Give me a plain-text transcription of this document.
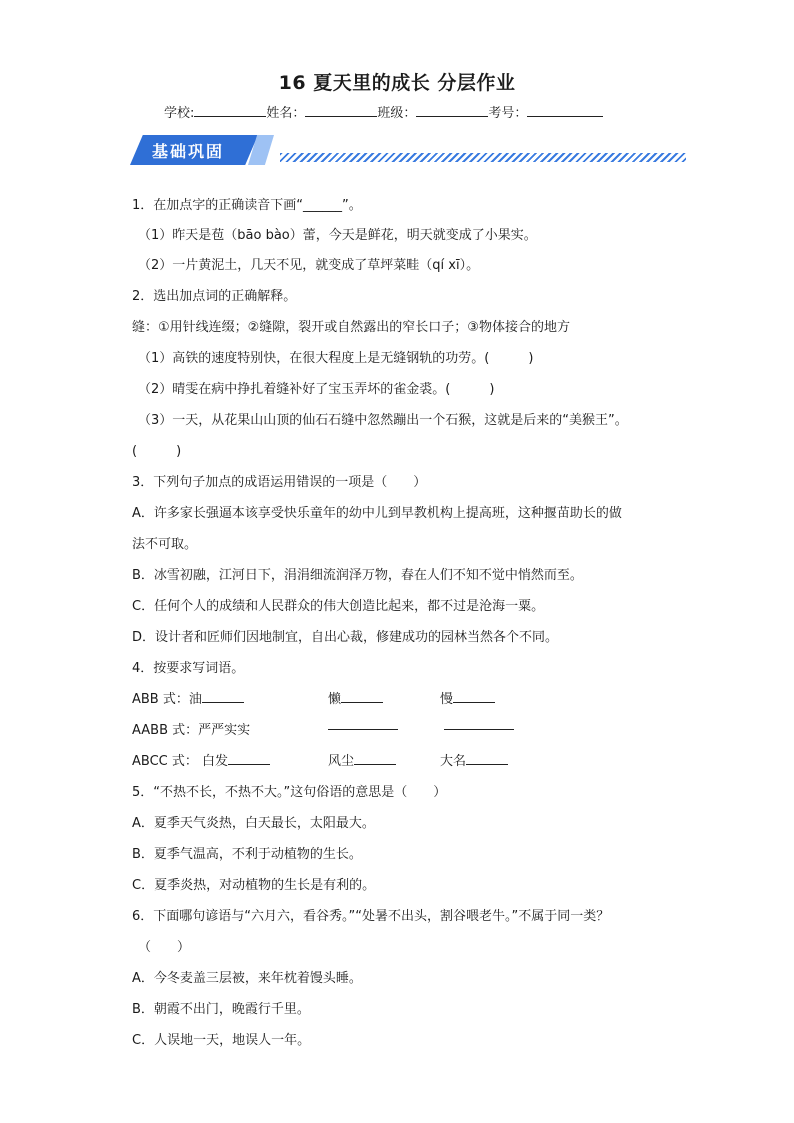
16 夏天里的成长 分层作业
学校:	姓名：	班级：	考号：
基础巩固
1．在加点字的正确读音下画“______”。
（1）昨天是苞（bāo bào）蕾，今天是鲜花，明天就变成了小果实。
（2）一片黄泥土，几天不见，就变成了草坪菜畦（qí xī）。
2．选出加点词的正确解释。
缝：①用针线连缀；②缝隙，裂开或自然露出的窄长口子；③物体接合的地方
（1）高铁的速度特别快，在很大程度上是无缝钢轨的功劳。(　　　)
（2）晴雯在病中挣扎着缝补好了宝玉弄坏的雀金裘。(　　　)
（3）一天，从花果山山顶的仙石石缝中忽然蹦出一个石猴，这就是后来的“美猴王”。
(　　　)
3．下列句子加点的成语运用错误的一项是（　　）
A．许多家长强逼本该享受快乐童年的幼中儿到早教机构上提高班，这种揠苗助长的做
法不可取。
B．冰雪初融，江河日下，涓涓细流润泽万物，春在人们不知不觉中悄然而至。
C．任何个人的成绩和人民群众的伟大创造比起来，都不过是沧海一粟。
D．设计者和匠师们因地制宜，自出心裁，修建成功的园林当然各个不同。
4．按要求写词语。
ABB 式：油	懒	慢
AABB 式：严严实实
ABCC 式： 白发	风尘	大名
5．“不热不长，不热不大。”这句俗语的意思是（　　）
A．夏季天气炎热，白天最长，太阳最大。
B．夏季气温高，不利于动植物的生长。
C．夏季炎热，对动植物的生长是有利的。
6．下面哪句谚语与“六月六，看谷秀。”“处暑不出头，割谷喂老牛。”不属于同一类？
（　　）
A．今冬麦盖三层被，来年枕着馒头睡。
B．朝霞不出门，晚霞行千里。
C．人误地一天，地误人一年。
